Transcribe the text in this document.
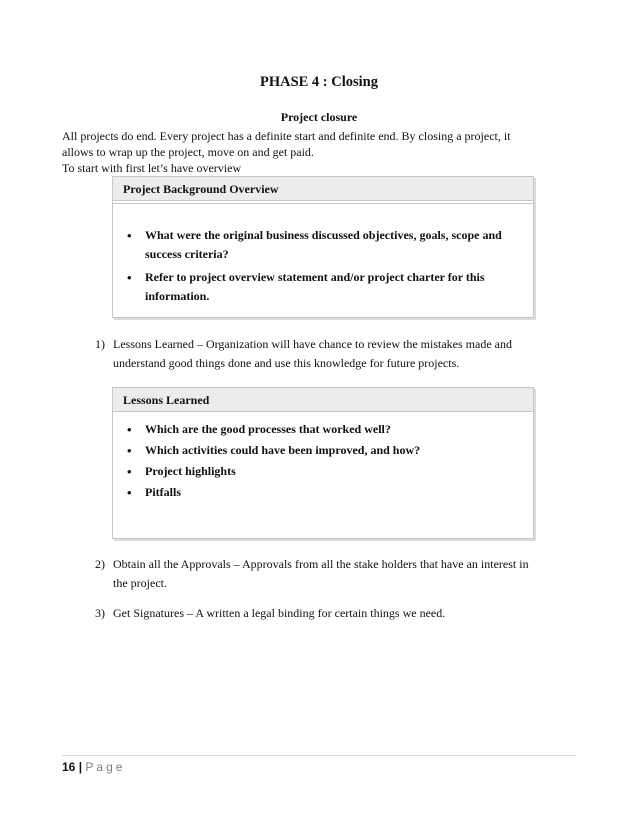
PHASE 4 : Closing
Project closure
All projects do end. Every project has a definite start and definite end. By closing a project, it
allows to wrap up the project, move on and get paid.
To start with first let’s have overview
Project Background Overview
• What were the original business discussed objectives, goals, scope and
success criteria?
• Refer to project overview statement and/or project charter for this
information.
1) Lessons Learned – Organization will have chance to review the mistakes made and
understand good things done and use this knowledge for future projects.
Lessons Learned
• Which are the good processes that worked well?
• Which activities could have been improved, and how?
• Project highlights
• Pitfalls
2) Obtain all the Approvals – Approvals from all the stake holders that have an interest in
the project.
3) Get Signatures – A written a legal binding for certain things we need.
16 | Page
